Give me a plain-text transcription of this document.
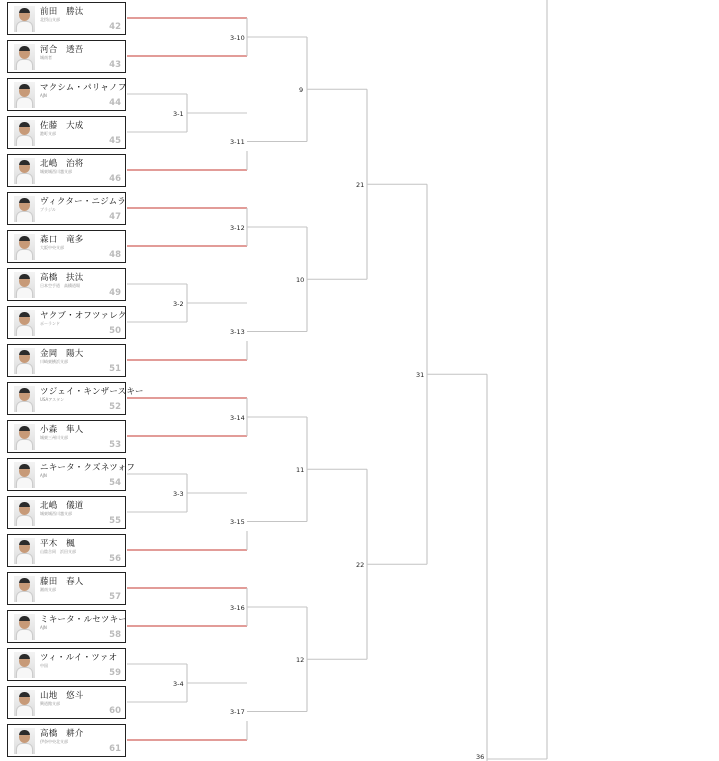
前田　勝汰
北摂山支部
42
河合　透吾
城南者
43
マクシム・パリャノフ
AJN
44
佐藤　大成
港町支部
45
北嶋　治将
城東城西川越支部
46
ヴィクター・ニジムラ
ブラジル
47
森口　竜多
大阪中央支部
48
高橋　扶汰
日本空手道　高橋道場
49
ヤクブ・オフツァレク
ポーランド
50
金岡　陽大
川崎東横浜支部
51
ツジェイ・キンザースキー
USAアスタン
52
小森　隼人
城東三州川支部
53
ニキータ・クズネツォフ
AJN
54
北嶋　儀道
城東城西川越支部
55
平木　楓
山陰合同　浜田支部
56
藤田　春人
湘南支部
57
ミキータ・ルセツキー
AJN
58
ツィ・ルイ・ツァオ
中国
59
山地　悠斗
興道館支部
60
高橋　耕介
伊奈中央北支部
61
3-10
3-1
3-11
3-12
3-2
3-13
3-14
3-3
3-15
3-16
3-4
3-17
9
10
11
12
21
22
31
36
